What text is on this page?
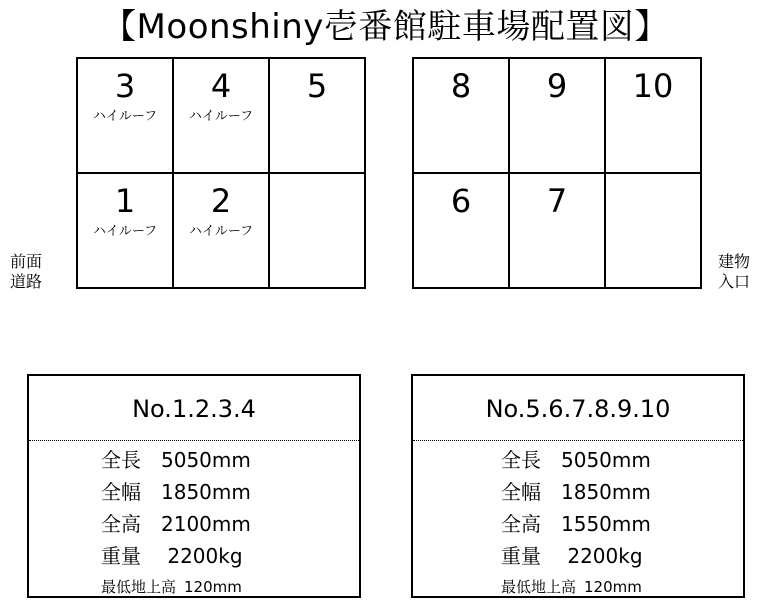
【Moonshiny壱番館駐車場配置図】
3
ハイルーフ
4
ハイルーフ
5
1
ハイルーフ
2
ハイルーフ
8	9	10
6	7
前面
道路
建物
入口
No.1.2.3.4
全長 5050mm
全幅 1850mm
全高 2100mm
重量 2200kg
最低地上高 120mm
No.5.6.7.8.9.10
全長 5050mm
全幅 1850mm
全高 1550mm
重量 2200kg
最低地上高 120mm
